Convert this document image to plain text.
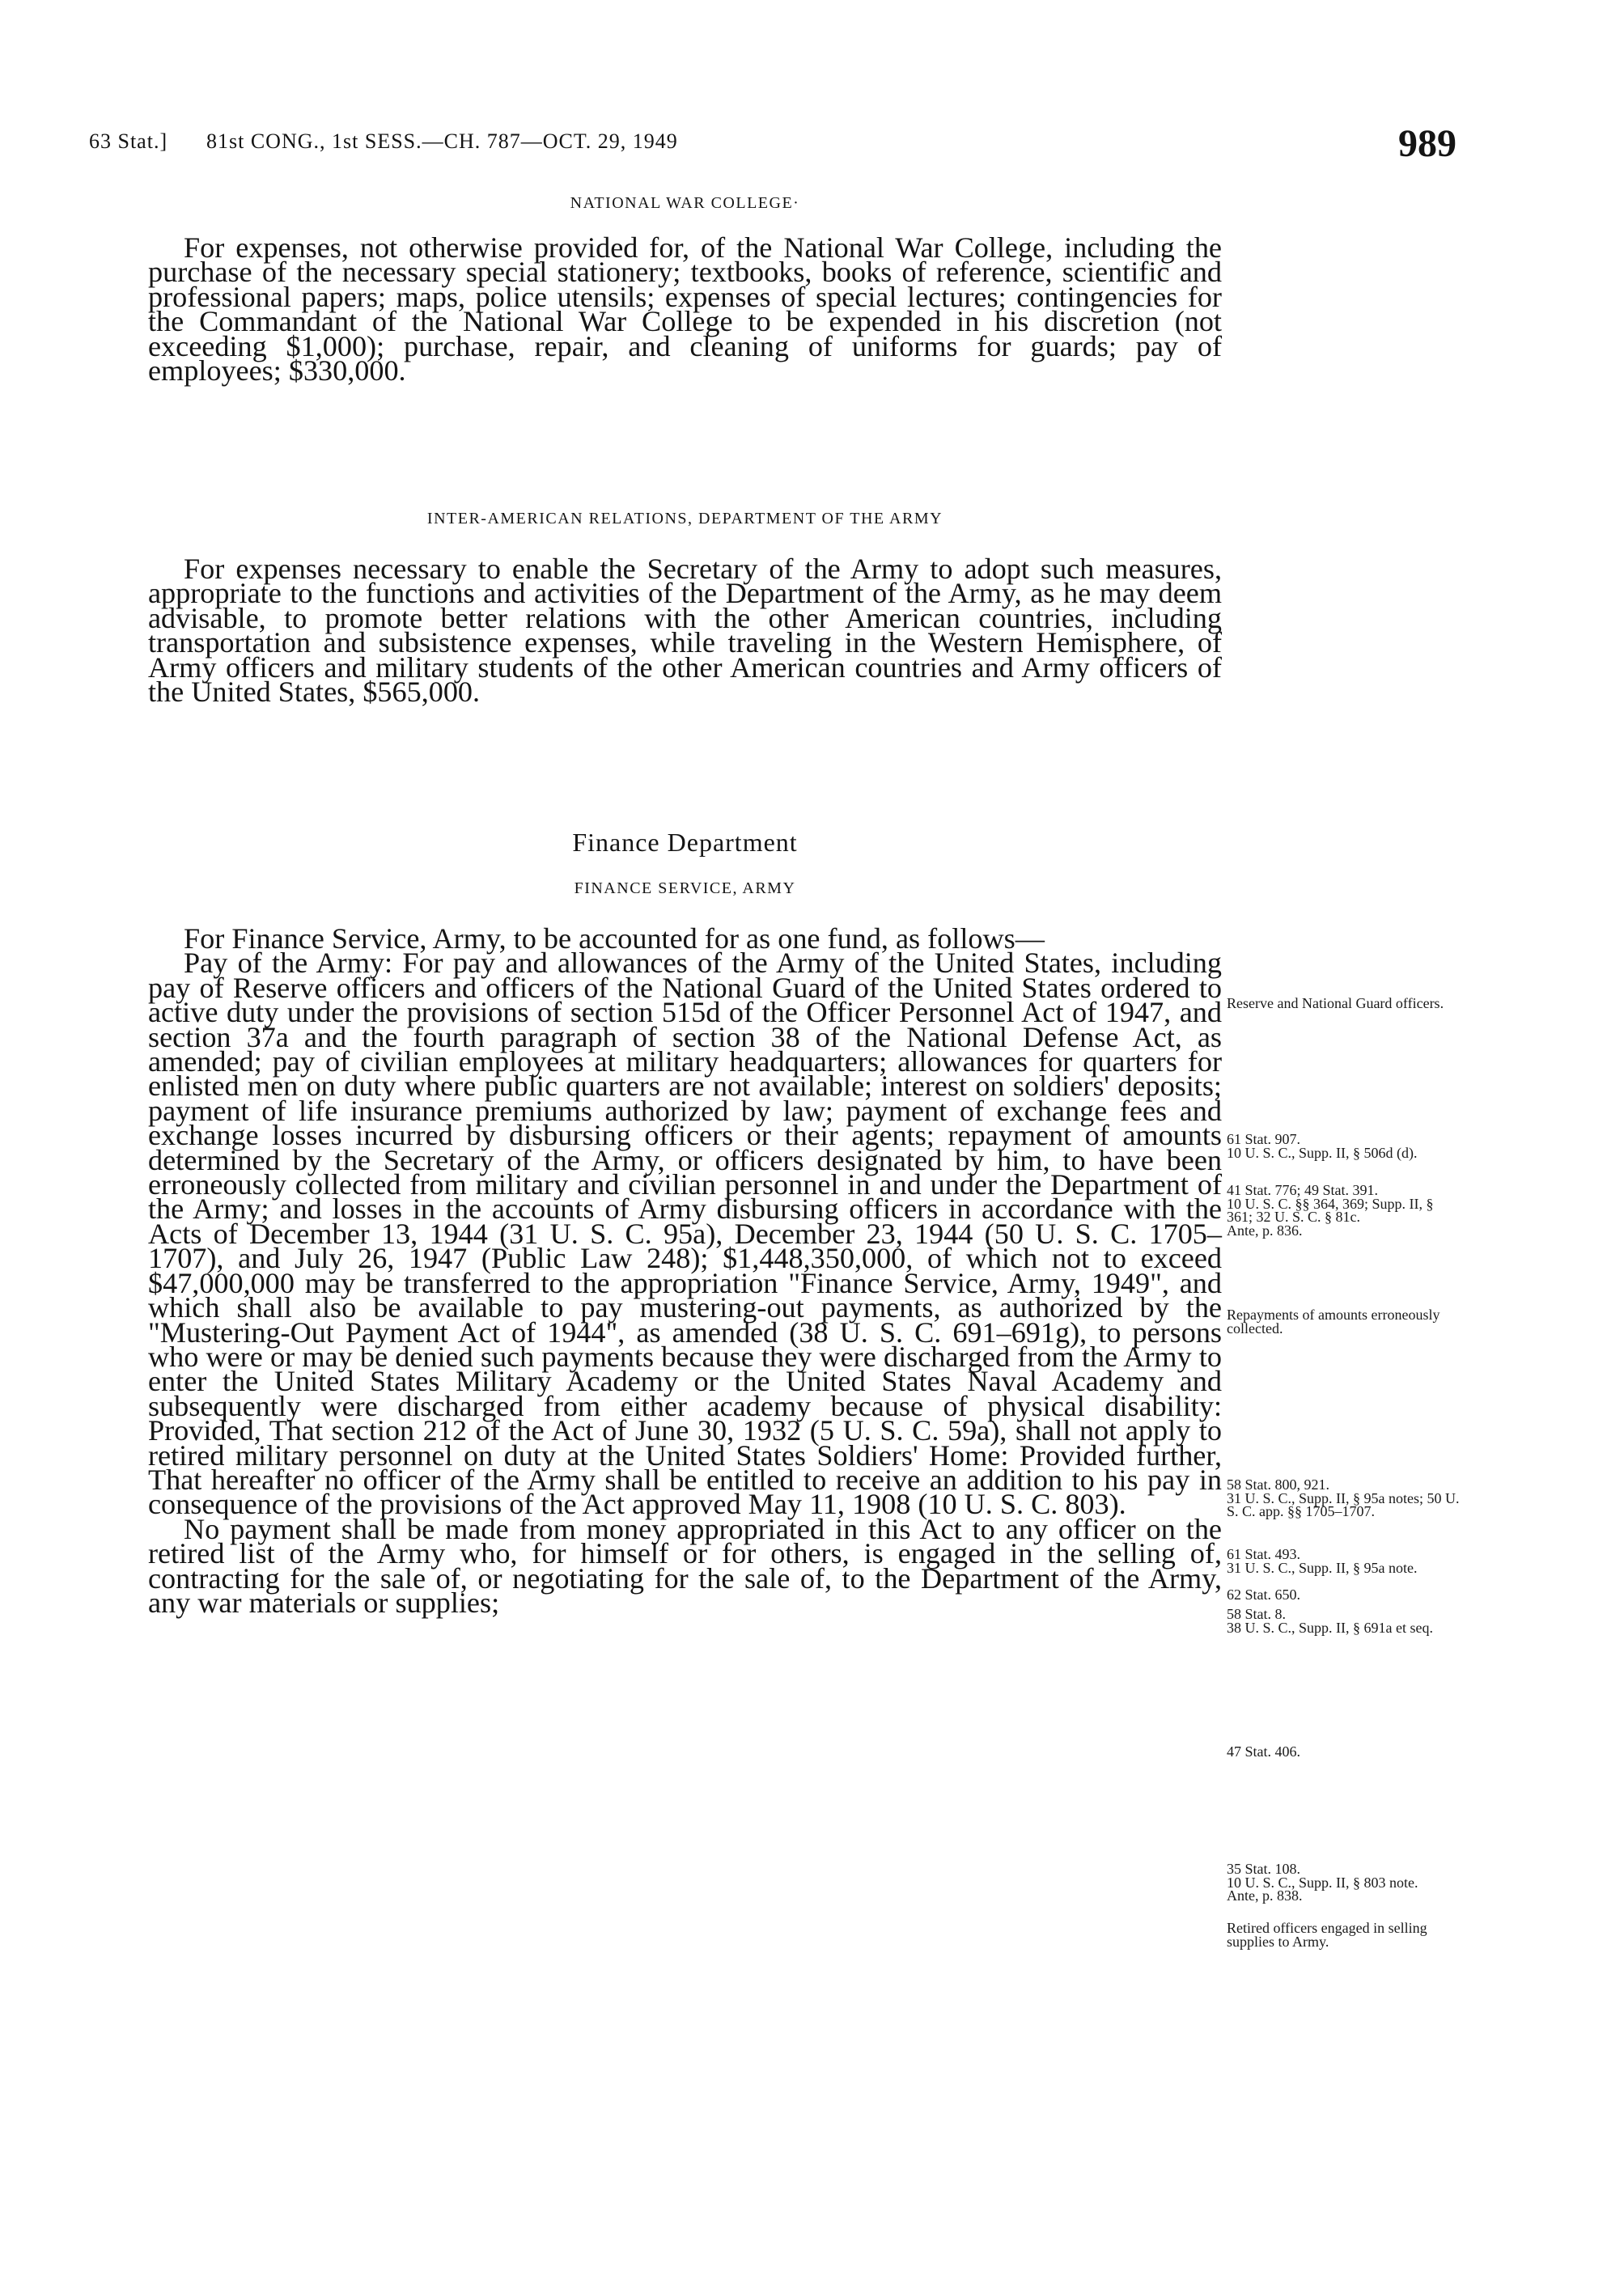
63 Stat.] 81st CONG., 1st SESS.—CH. 787—OCT. 29, 1949	989
NATIONAL WAR COLLEGE·

For expenses, not otherwise provided for, of the National War College, including the purchase of the necessary special stationery; textbooks, books of reference, scientific and professional papers; maps, police utensils; expenses of special lectures; contingencies for the Commandant of the National War College to be expended in his discretion (not exceeding $1,000); purchase, repair, and cleaning of uniforms for guards; pay of employees; $330,000.

INTER-AMERICAN RELATIONS, DEPARTMENT OF THE ARMY

For expenses necessary to enable the Secretary of the Army to adopt such measures, appropriate to the functions and activities of the Department of the Army, as he may deem advisable, to promote better relations with the other American countries, including transportation and subsistence expenses, while traveling in the Western Hemisphere, of Army officers and military students of the other American countries and Army officers of the United States, $565,000.

Finance Department
FINANCE SERVICE, ARMY

For Finance Service, Army, to be accounted for as one fund, as follows—

Pay of the Army: For pay and allowances of the Army of the United States, including pay of Reserve officers and officers of the National Guard of the United States ordered to active duty under the provisions of section 515d of the Officer Personnel Act of 1947, and section 37a and the fourth paragraph of section 38 of the National Defense Act, as amended; pay of civilian employees at military headquarters; allowances for quarters for enlisted men on duty where public quarters are not available; interest on soldiers' deposits; payment of life insurance premiums authorized by law; payment of exchange fees and exchange losses incurred by disbursing officers or their agents; repayment of amounts determined by the Secretary of the Army, or officers designated by him, to have been erroneously collected from military and civilian personnel in and under the Department of the Army; and losses in the accounts of Army disbursing officers in accordance with the Acts of December 13, 1944 (31 U. S. C. 95a), December 23, 1944 (50 U. S. C. 1705–1707), and July 26, 1947 (Public Law 248); $1,448,350,000, of which not to exceed $47,000,000 may be transferred to the appropriation "Finance Service, Army, 1949", and which shall also be available to pay mustering-out payments, as authorized by the "Mustering-Out Payment Act of 1944", as amended (38 U. S. C. 691–691g), to persons who were or may be denied such payments because they were discharged from the Army to enter the United States Military Academy or the United States Naval Academy and subsequently were discharged from either academy because of physical disability: Provided, That section 212 of the Act of June 30, 1932 (5 U. S. C. 59a), shall not apply to retired military personnel on duty at the United States Soldiers' Home: Provided further, That hereafter no officer of the Army shall be entitled to receive an addition to his pay in consequence of the provisions of the Act approved May 11, 1908 (10 U. S. C. 803).

No payment shall be made from money appropriated in this Act to any officer on the retired list of the Army who, for himself or for others, is engaged in the selling of, contracting for the sale of, or negotiating for the sale of, to the Department of the Army, any war materials or supplies;

Reserve and National Guard officers.
61 Stat. 907.
10 U. S. C., Supp. II, § 506d (d).
41 Stat. 776; 49 Stat. 391.
10 U. S. C. §§ 364, 369; Supp. II, § 361; 32 U. S. C. § 81c.
Ante, p. 836.
Repayments of amounts erroneously collected.
58 Stat. 800, 921.
31 U. S. C., Supp. II, § 95a notes; 50 U. S. C. app. §§ 1705–1707.
61 Stat. 493.
31 U. S. C., Supp. II, § 95a note.
62 Stat. 650.
58 Stat. 8.
38 U. S. C., Supp. II, § 691a et seq.
47 Stat. 406.
35 Stat. 108.
10 U. S. C., Supp. II, § 803 note.
Ante, p. 838.
Retired officers engaged in selling supplies to Army.
